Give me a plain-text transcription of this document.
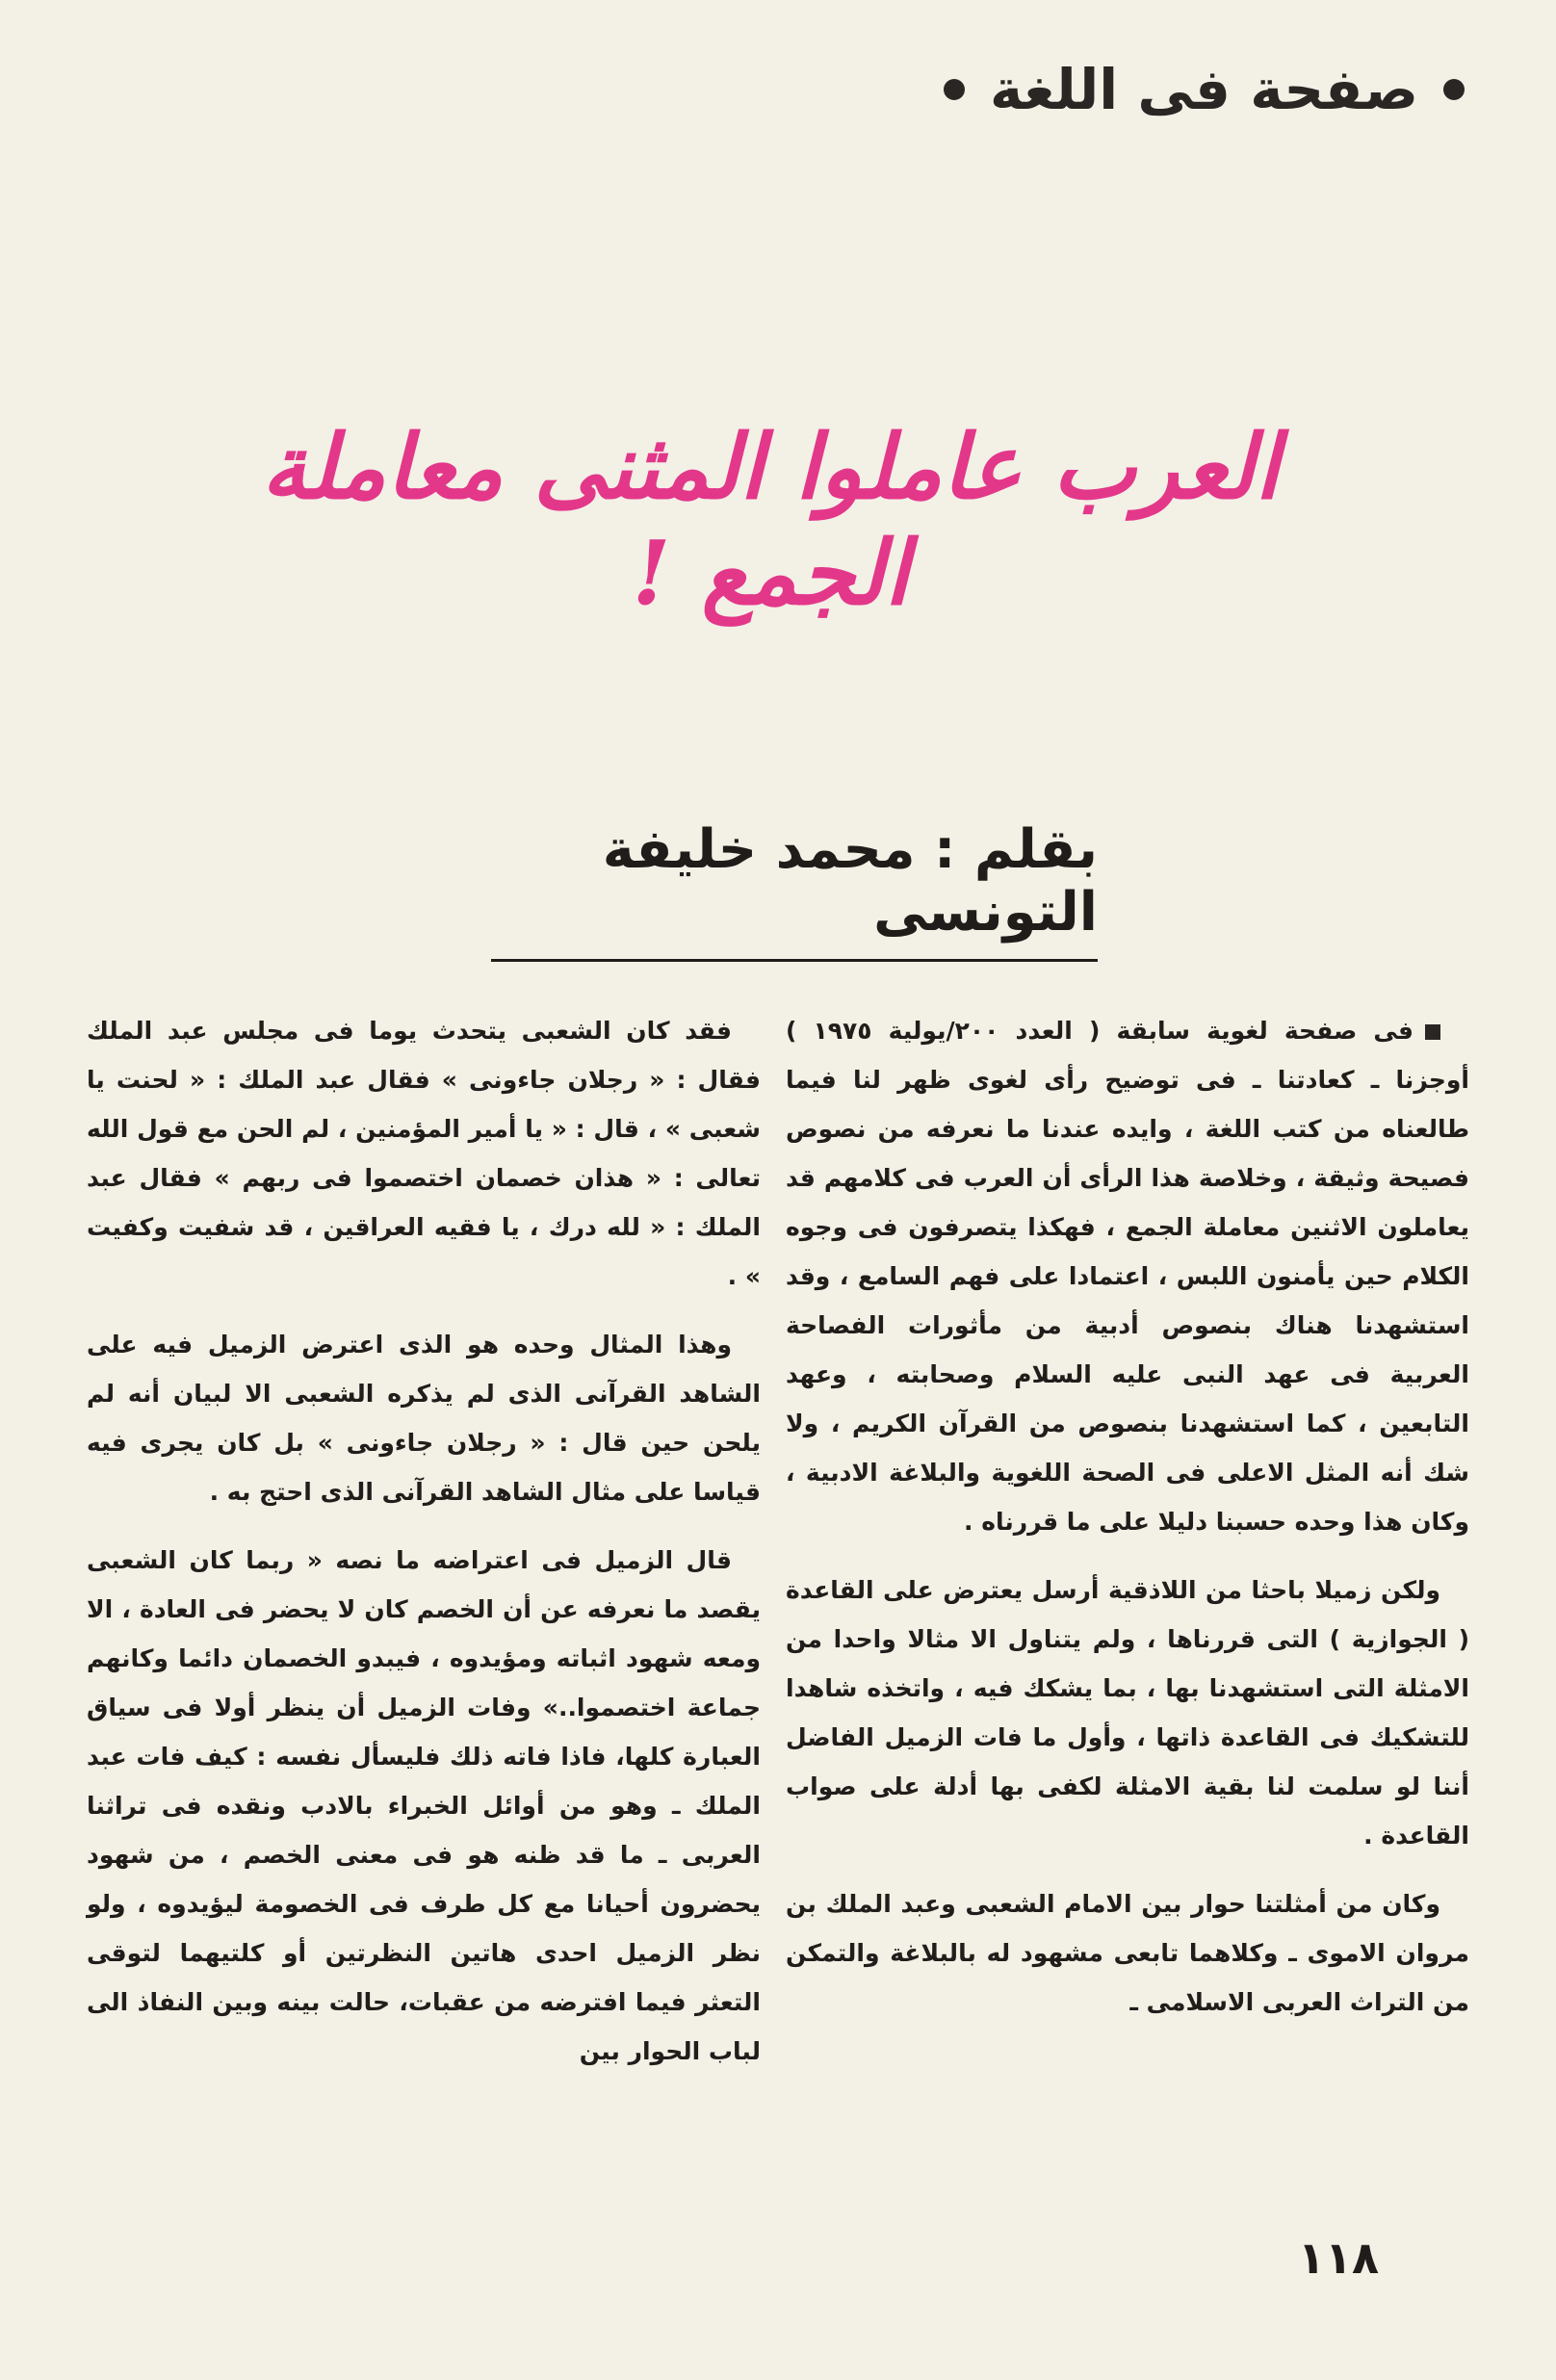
صفحة فى اللغة
العرب عاملوا المثنى معاملة الجمع !
بقلم : محمد خليفة التونسى

فى صفحة لغوية سابقة ( العدد ٢٠٠/يولية ١٩٧٥ ) أوجزنا ـ كعادتنا ـ فى توضيح رأى لغوى ظهر لنا فيما طالعناه من كتب اللغة ، وايده عندنا ما نعرفه من نصوص فصيحة وثيقة ، وخلاصة هذا الرأى أن العرب فى كلامهم قد يعاملون الاثنين معاملة الجمع ، فهكذا يتصرفون فى وجوه الكلام حين يأمنون اللبس ، اعتمادا على فهم السامع ، وقد استشهدنا هناك بنصوص أدبية من مأثورات الفصاحة العربية فى عهد النبى عليه السلام وصحابته ، وعهد التابعين ، كما استشهدنا بنصوص من القرآن الكريم ، ولا شك أنه المثل الاعلى فى الصحة اللغوية والبلاغة الادبية ، وكان هذا وحده حسبنا دليلا على ما قررناه .

ولكن زميلا باحثا من اللاذقية أرسل يعترض على القاعدة ( الجوازية ) التى قررناها ، ولم يتناول الا مثالا واحدا من الامثلة التى استشهدنا بها ، بما يشكك فيه ، واتخذه شاهدا للتشكيك فى القاعدة ذاتها ، وأول ما فات الزميل الفاضل أننا لو سلمت لنا بقية الامثلة لكفى بها أدلة على صواب القاعدة .

وكان من أمثلتنا حوار بين الامام الشعبى وعبد الملك بن مروان الاموى ـ وكلاهما تابعى مشهود له بالبلاغة والتمكن من التراث العربى الاسلامى ـ

فقد كان الشعبى يتحدث يوما فى مجلس عبد الملك فقال : « رجلان جاءونى » فقال عبد الملك : « لحنت يا شعبى » ، قال : « يا أمير المؤمنين ، لم الحن مع قول الله تعالى : « هذان خصمان اختصموا فى ربهم » فقال عبد الملك : « لله درك ، يا فقيه العراقين ، قد شفيت وكفيت » .

وهذا المثال وحده هو الذى اعترض الزميل فيه على الشاهد القرآنى الذى لم يذكره الشعبى الا لبيان أنه لم يلحن حين قال : « رجلان جاءونى » بل كان يجرى فيه قياسا على مثال الشاهد القرآنى الذى احتج به .

قال الزميل فى اعتراضه ما نصه « ربما كان الشعبى يقصد ما نعرفه عن أن الخصم كان لا يحضر فى العادة ، الا ومعه شهود اثباته ومؤيدوه ، فيبدو الخصمان دائما وكانهم جماعة اختصموا..» وفات الزميل أن ينظر أولا فى سياق العبارة كلها، فاذا فاته ذلك فليسأل نفسه : كيف فات عبد الملك ـ وهو من أوائل الخبراء بالادب ونقده فى تراثنا العربى ـ ما قد ظنه هو فى معنى الخصم ، من شهود يحضرون أحيانا مع كل طرف فى الخصومة ليؤيدوه ، ولو نظر الزميل احدى هاتين النظرتين أو كلتيهما لتوقى التعثر فيما افترضه من عقبات، حالت بينه وبين النفاذ الى لباب الحوار بين

١١٨
